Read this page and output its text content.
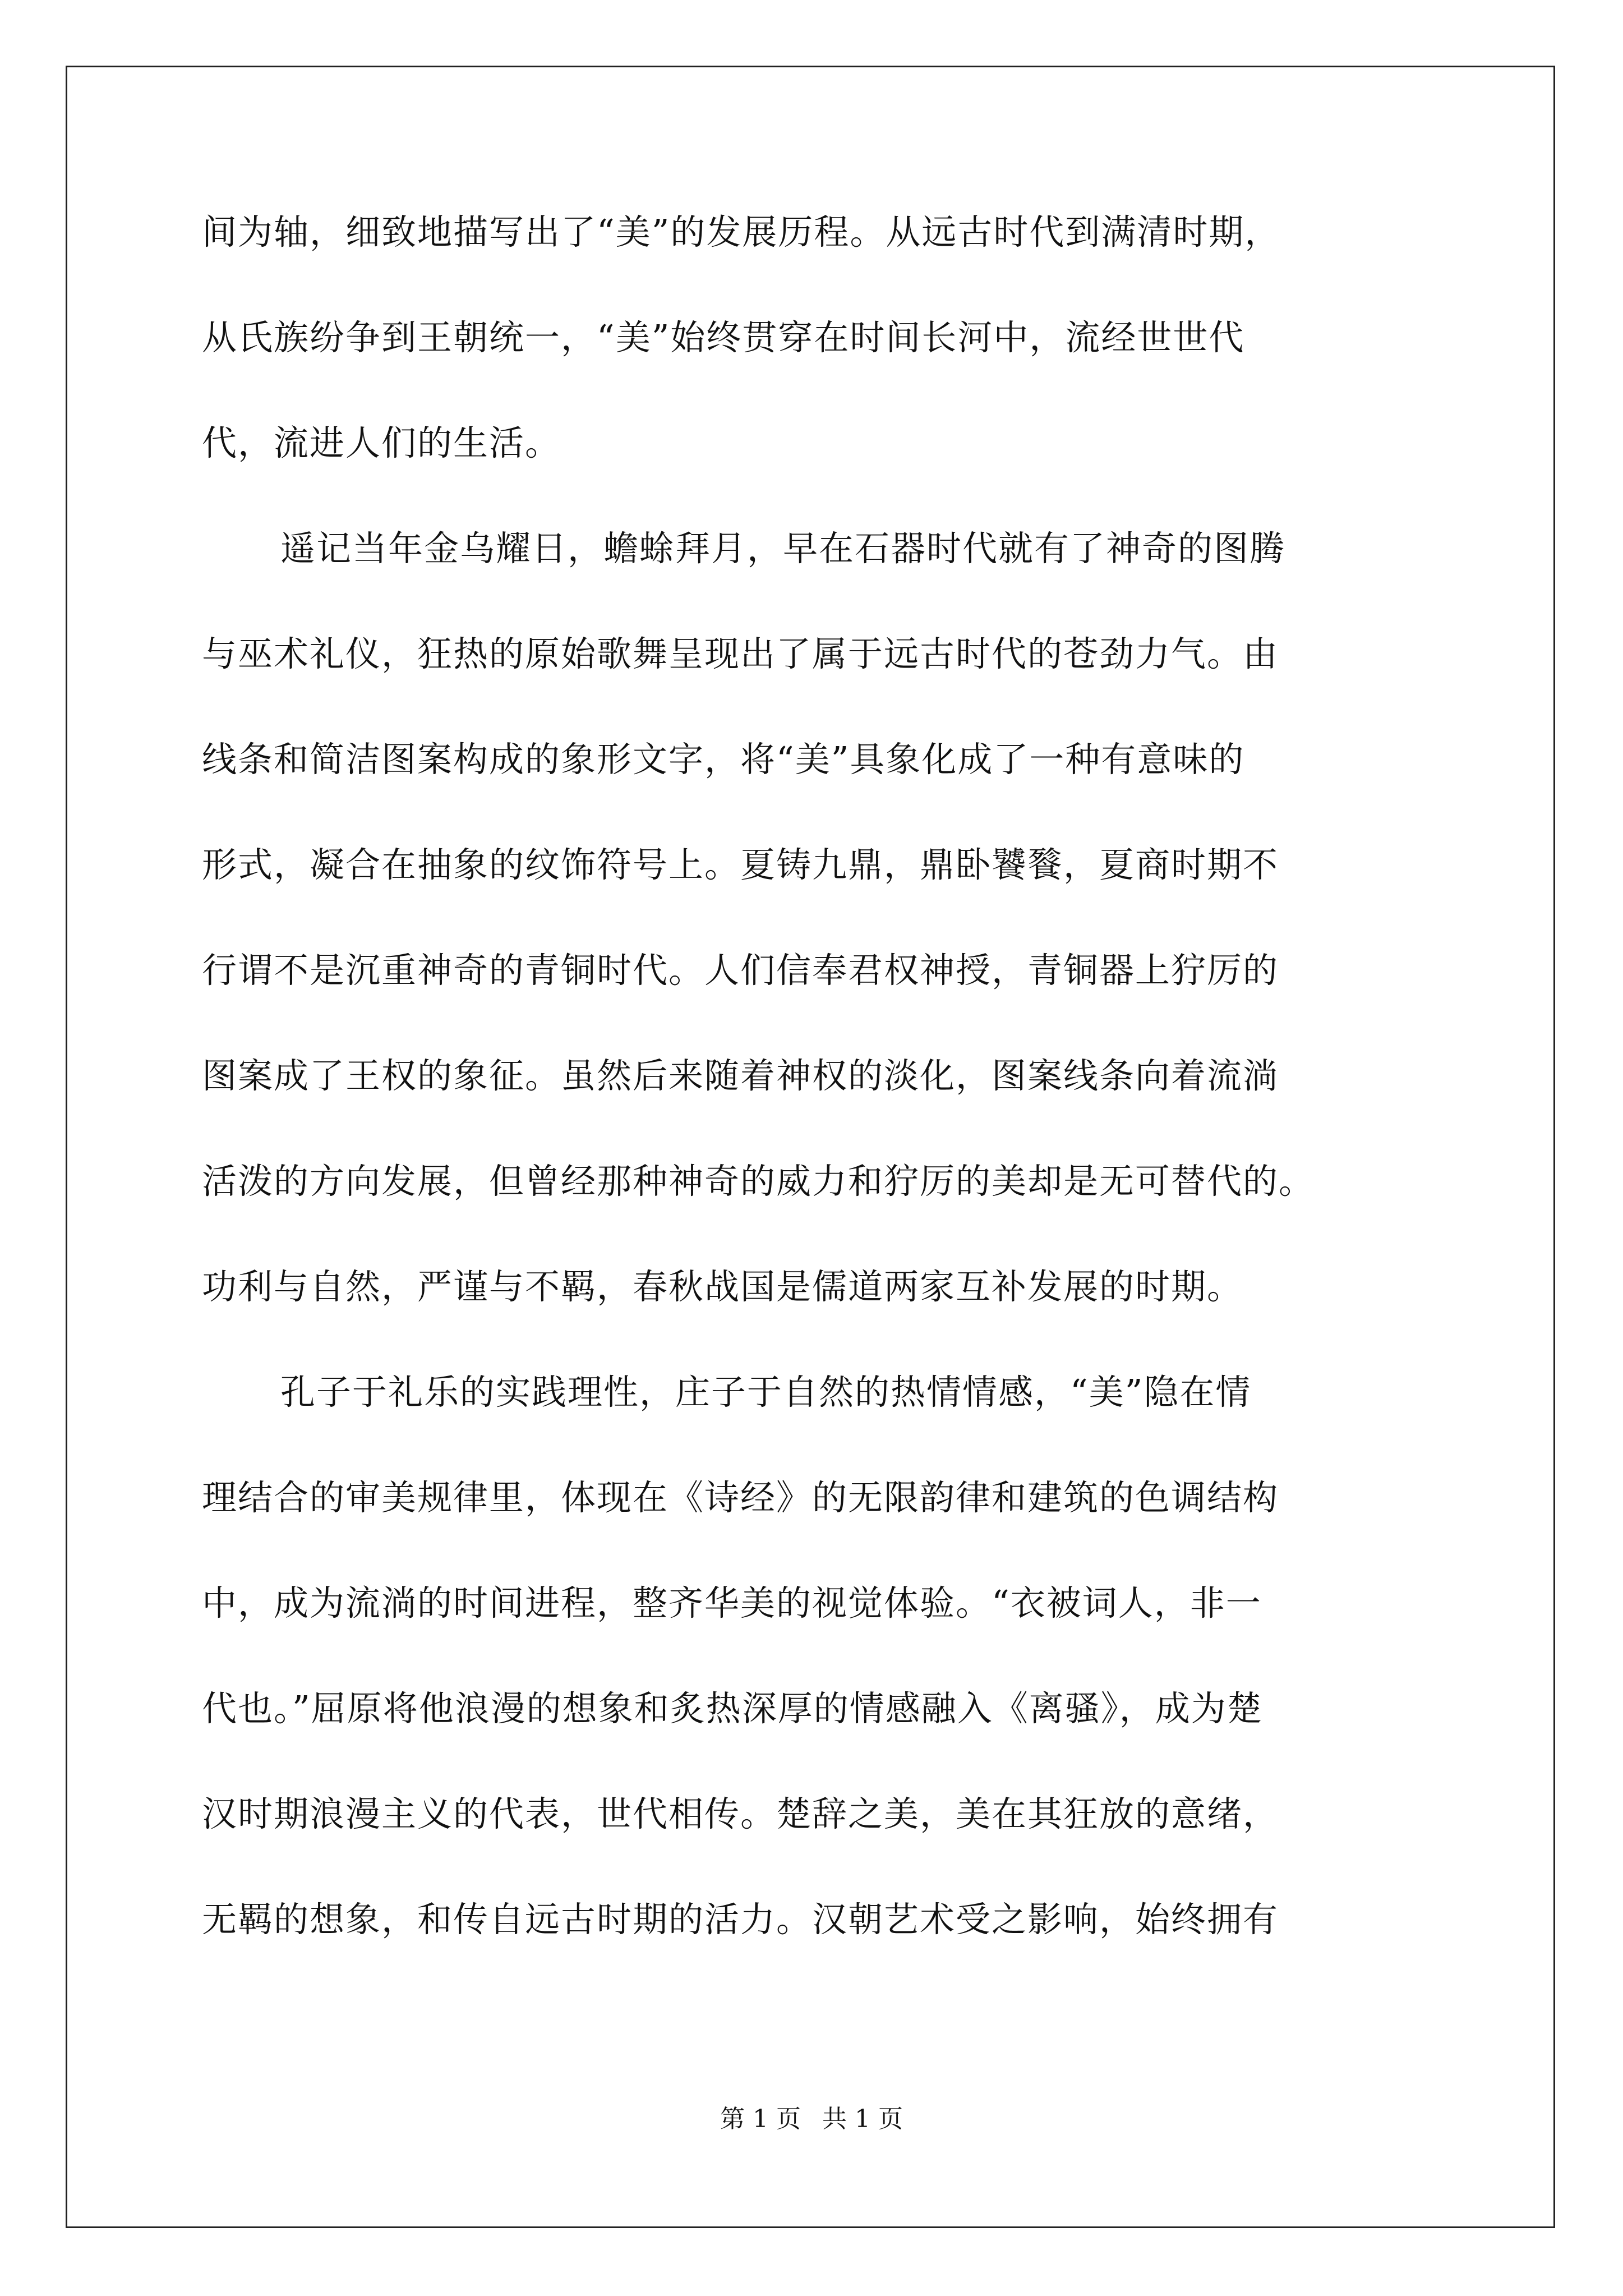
间为轴，细致地描写出了“美”的发展历程。从远古时代到满清时期，
从氏族纷争到王朝统一，“美”始终贯穿在时间长河中，流经世世代
代，流进人们的生活。
遥记当年金乌耀日，蟾蜍拜月，早在石器时代就有了神奇的图腾
与巫术礼仪，狂热的原始歌舞呈现出了属于远古时代的苍劲力气。由
线条和简洁图案构成的象形文字，将“美”具象化成了一种有意味的
形式，凝合在抽象的纹饰符号上。夏铸九鼎，鼎卧饕餮，夏商时期不
行谓不是沉重神奇的青铜时代。人们信奉君权神授，青铜器上狞厉的
图案成了王权的象征。虽然后来随着神权的淡化，图案线条向着流淌
活泼的方向发展，但曾经那种神奇的威力和狞厉的美却是无可替代的。
功利与自然，严谨与不羁，春秋战国是儒道两家互补发展的时期。
孔子于礼乐的实践理性，庄子于自然的热情情感，“美”隐在情
理结合的审美规律里，体现在《诗经》的无限韵律和建筑的色调结构
中，成为流淌的时间进程，整齐华美的视觉体验。“衣被词人，非一
代也。”屈原将他浪漫的想象和炙热深厚的情感融入《离骚》，成为楚
汉时期浪漫主义的代表，世代相传。楚辞之美，美在其狂放的意绪，
无羁的想象，和传自远古时期的活力。汉朝艺术受之影响，始终拥有
第 1 页 共 1 页
